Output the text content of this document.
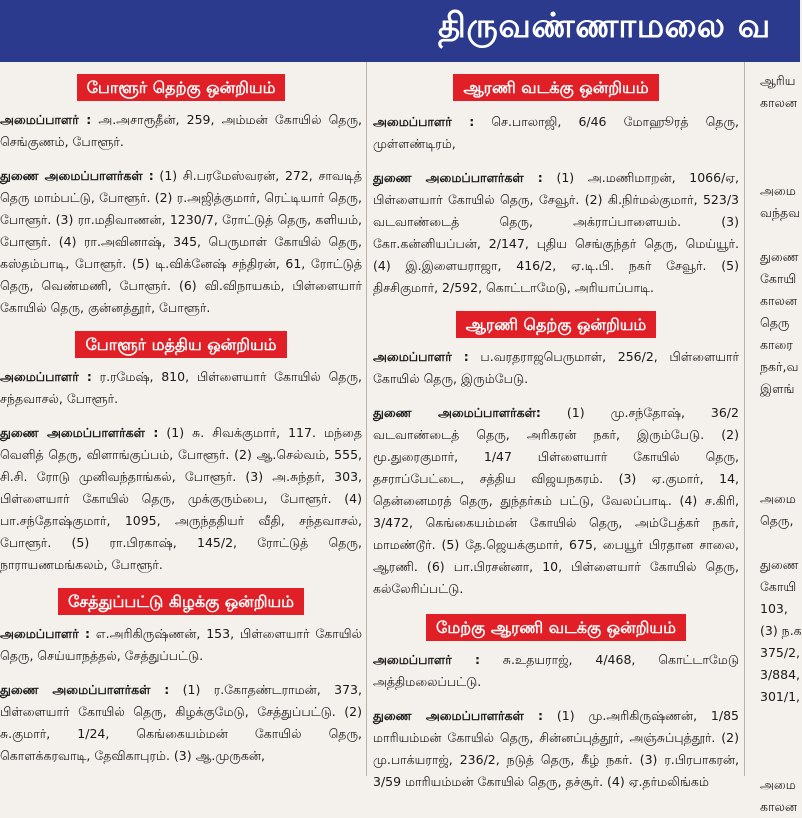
திருவண்ணாமலை வ
போளூர் தெற்கு ஒன்றியம்

அமைப்பாளர் : அ.அசாரூதீன், 259, அம்மன் கோயில் தெரு, செங்குணம், போளூர்.

துணை அமைப்பாளர்கள் : (1) சி.பரமேஸ்வரன், 272, சாவடித் தெரு மாம்பட்டு, போளூர். (2) ர.அஜித்குமார், ரெட்டியார் தெரு, போளூர். (3) ரா.மதிவாணன், 1230/7, ரோட்டுத் தெரு, களியம், போளூர். (4) ரா.அவினாஷ், 345, பெருமாள் கோயில் தெரு, கஸ்தம்பாடி, போளூர். (5) டி.விக்னேஷ் சந்திரன், 61, ரோட்டுத் தெரு, வெண்மணி, போளூர். (6) வி.விநாயகம், பிள்ளையார் கோயில் தெரு, குன்னத்தூர், போளூர்.

போளூர் மத்திய ஒன்றியம்

அமைப்பாளர் : ர.ரமேஷ், 810, பிள்ளையார் கோயில் தெரு, சந்தவாசல், போளூர்.

துணை அமைப்பாளர்கள் : (1) சு. சிவக்குமார், 117. மந்தை வெளித் தெரு, விளாங்குப்பம், போளூர். (2) ஆ.செல்வம், 555, சி.சி. ரோடு முனிவந்தாங்கல், போளூர். (3) அ.சுந்தர், 303, பிள்ளையார் கோயில் தெரு, முக்குரும்பை, போளூர். (4) பா.சந்தோஷ்குமார், 1095, அருந்ததியர் வீதி, சந்தவாசல், போளூர். (5) ரா.பிரகாஷ், 145/2, ரோட்டுத் தெரு, நாராயணமங்கலம், போளூர்.

சேத்துப்பட்டு கிழக்கு ஒன்றியம்

அமைப்பாளர் : எ.அரிகிருஷ்ணன், 153, பிள்ளையார் கோயில் தெரு, செய்யாநத்தல், சேத்துப்பட்டு.

துணை அமைப்பாளர்கள் : (1) ர.கோதண்டராமன், 373, பிள்ளையார் கோயில் தெரு, கிழக்குமேடு, சேத்துப்பட்டு. (2) சு.குமார், 1/24, கெங்கையம்மன் கோயில் தெரு, கொளக்கரவாடி, தேவிகாபுரம். (3) ஆ.முருகன்,

ஆரணி வடக்கு ஒன்றியம்

அமைப்பாளர் : செ.பாலாஜி, 6/46 மோஹூரத் தெரு, முள்ளண்டிரம்,

துணை அமைப்பாளர்கள் : (1) அ.மணிமாறன், 1066/ஏ, பிள்ளையார் கோயில் தெரு, சேவூர். (2) கி.நிர்மல்குமார், 523/3 வடவாண்டைத் தெரு, அக்ராப்பாளையம். (3) கோ.கன்னியப்பன், 2/147, புதிய செங்குந்தர் தெரு, மெய்யூர். (4) இ.இளையராஜா, 416/2, ஏ.டி.பி. நகர் சேவூர். (5) திசசிகுமார், 2/592, கொட்டாமேடு, அரியாப்பாடி.

ஆரணி தெற்கு ஒன்றியம்

அமைப்பாளர் : ப.வரதராஜபெருமாள், 256/2, பிள்ளையார் கோயில் தெரு, இரும்பேடு.

துணை அமைப்பாளர்கள்: (1) மு.சந்தோஷ், 36/2 வடவாண்டைத் தெரு, அரிகரன் நகர், இரும்பேடு. (2) மூ.துரைகுமார், 1/47 பிள்ளையார் கோயில் தெரு, தசராப்பேட்டை, சத்திய விஜயநகரம். (3) ஏ.குமார், 14, தென்னைமரத் தெரு, துந்தர்கம் பட்டு, வேலப்பாடி. (4) ச.கிரி, 3/472, கெங்கையம்மன் கோயில் தெரு, அம்பேத்கர் நகர், மாமண்டூர். (5) தே.ஜெயக்குமார், 675, பையூர் பிரதான சாலை, ஆரணி. (6) பா.பிரசன்னா, 10, பிள்ளையார் கோயில் தெரு, கல்லேரிப்பட்டு.

மேற்கு ஆரணி வடக்கு ஒன்றியம்

அமைப்பாளர் : சு.உதயராஜ், 4/468, கொட்டாமேடு அத்திமலைப்பட்டு.

துணை அமைப்பாளர்கள் : (1) மு.அரிகிருஷ்ணன், 1/85 மாரியம்மன் கோயில் தெரு, சின்னப்புத்தூர், அஞ்சுப்புத்தூர். (2) மு.பாக்யராஜ், 236/2, நடுத் தெரு, கீழ் நகர். (3) ர.பிரபாகரன், 3/59 மாரியம்மன் கோயில் தெரு, தச்சூர். (4) ஏ.தர்மலிங்கம்

ஆரிய

காலன

அமை

வந்தவ

துணை

கோயி

காலன

தெரு

காரை

நகர்,வ

இளங்

அமை

தெரு,

துணை

கோயி

103,

(3) ந.க

375/2,

3/884,

301/1,

அமை

காலன
